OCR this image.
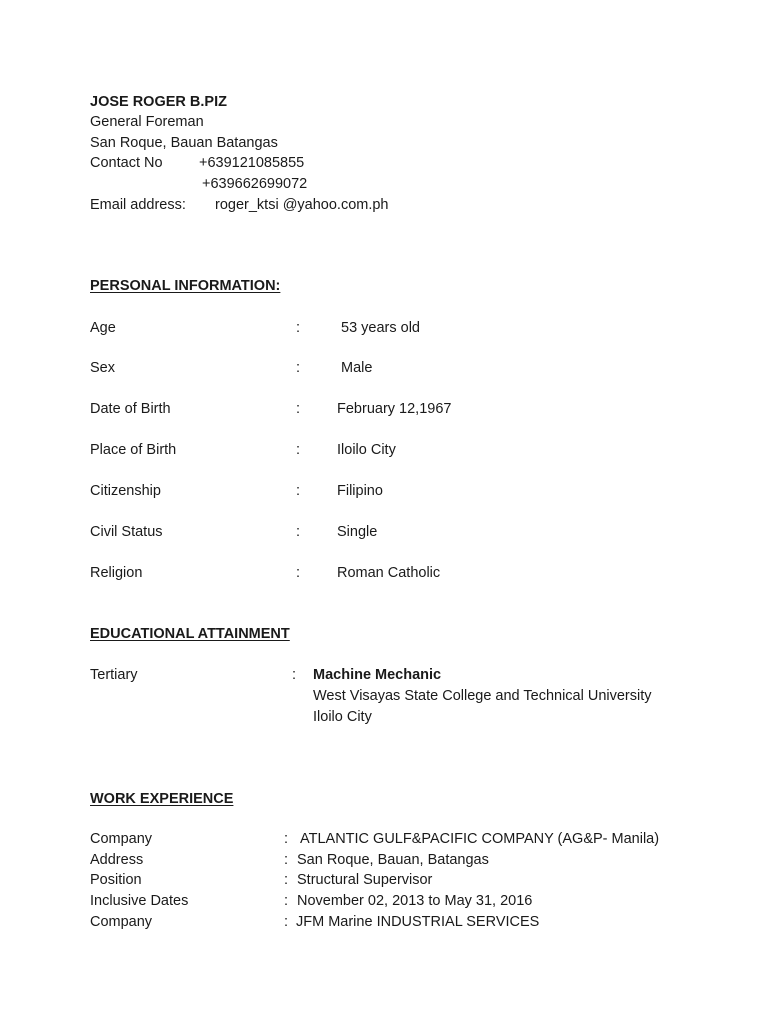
JOSE ROGER B.PIZ
General Foreman
San Roque, Bauan Batangas
Contact No	+639121085855
+639662699072
Email address: roger_ktsi @yahoo.com.ph
PERSONAL INFORMATION:
Age	:	53 years old
Sex	:	Male
Date of Birth	:	February 12,1967
Place of Birth	:	Iloilo City
Citizenship	:	Filipino
Civil Status	:	Single
Religion	:	Roman Catholic
EDUCATIONAL ATTAINMENT
Tertiary	: Machine Mechanic
West Visayas State College and Technical University
Iloilo City
WORK EXPERIENCE
Company	: ATLANTIC GULF&PACIFIC COMPANY (AG&P- Manila)
Address	: San Roque, Bauan, Batangas
Position	: Structural Supervisor
Inclusive Dates	: November 02, 2013 to May 31, 2016
Company	: JFM Marine INDUSTRIAL SERVICES
